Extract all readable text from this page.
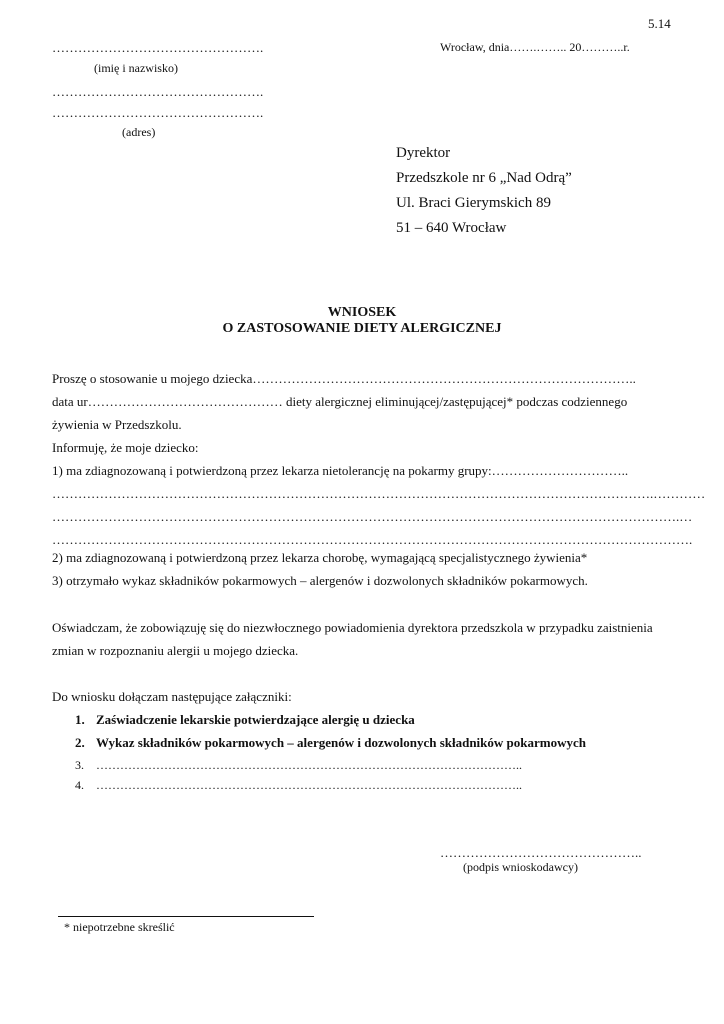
5.14
………………………………………….
(imię i nazwisko)
………………………………………….
………………………………………….
(adres)
Wrocław, dnia…….…….. 20………..r.
Dyrektor
Przedszkole nr 6 „Nad Odrą”
Ul. Braci Gierymskich 89
51 – 640 Wrocław
WNIOSEK
O ZASTOSOWANIE DIETY ALERGICZNEJ
Proszę o stosowanie u mojego dziecka……………………………………………………………………………..
data ur……………………………………… diety alergicznej eliminującej/zastępującej* podczas codziennego
żywienia w Przedszkolu.
Informuję, że moje dziecko:
1) ma zdiagnozowaną i potwierdzoną przez lekarza nietolerancję na pokarmy grupy:…………………………..
………………………………………………………………………………………………………………………….…………
……………………………………………………………………………………………………………………………….…
………………………………………………………………………………………………………………………………….
2) ma zdiagnozowaną i potwierdzoną przez lekarza chorobę, wymagającą specjalistycznego żywienia*
3) otrzymało wykaz składników pokarmowych – alergenów i dozwolonych składników pokarmowych.
Oświadczam, że zobowiązuję się do niezwłocznego powiadomienia dyrektora przedszkola w przypadku zaistnienia
zmian w rozpoznaniu alergii u mojego dziecka.
Do wniosku dołączam następujące załączniki:
1. Zaświadczenie lekarskie potwierdzające alergię u dziecka
2. Wykaz składników pokarmowych – alergenów i dozwolonych składników pokarmowych
3. ……………………………………………………………………………………………..
4. ……………………………………………………………………………………………..
………………………………………..
(podpis wnioskodawcy)
* niepotrzebne skreślić
